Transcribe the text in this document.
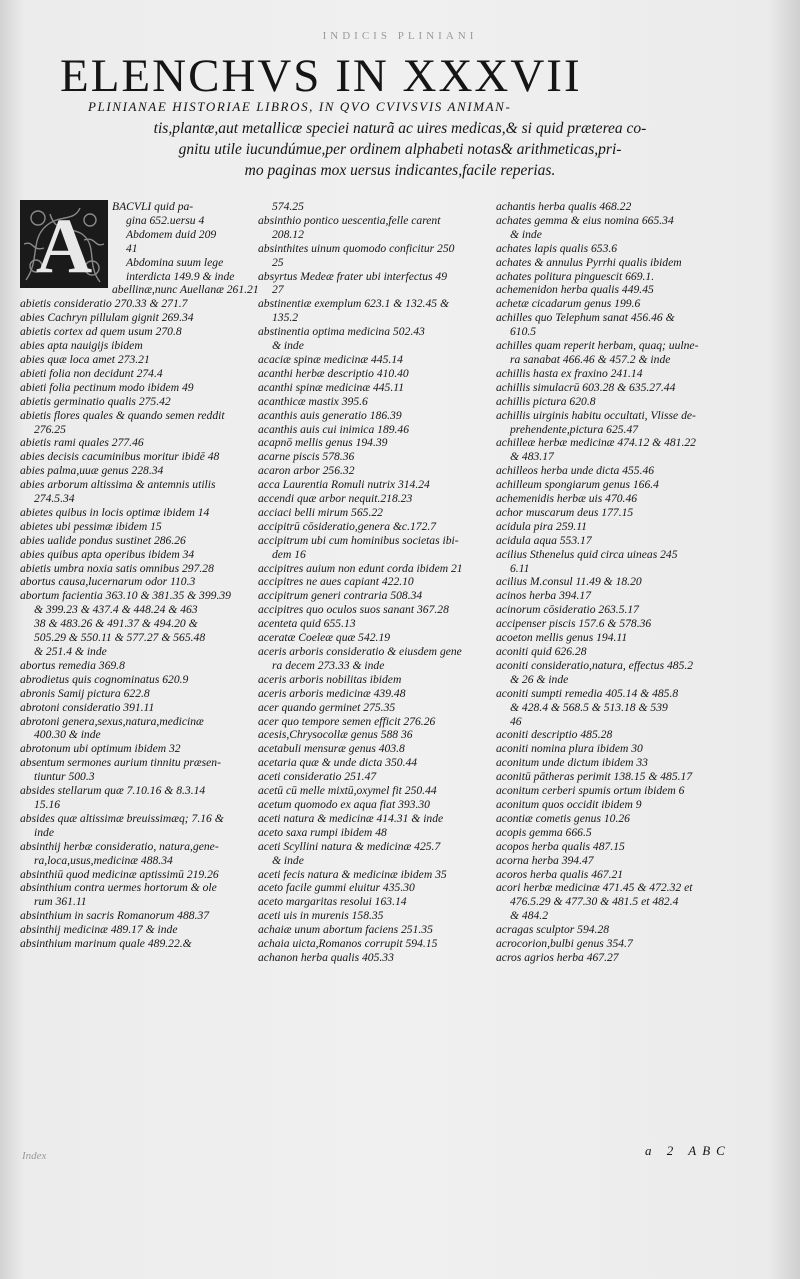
INDICIS PLINIANI
ELENCHVS IN XXXVII
PLINIANAE HISTORIAE LIBROS, IN QVO CVIVSVIS ANIMAN-
tis,plantæ,aut metallicæ speciei naturã ac uires medicas,& si quid præterea co-
gnitu utile iucundúmue,per ordinem alphabeti notas& arithmeticas,pri-
mo paginas mox uersus indicantes,facile reperias.
A	BACVLI quid pa-
gina 652.uersu 4
Abdomem duid 209
41
Abdomina suum lege
interdicta 149.9 & inde
abellinæ,nunc Auellanæ 261.21
abietis consideratio 270.33 & 271.7
abies Cachryn pillulam gignit 269.34
abietis cortex ad quem usum 270.8
abies apta nauigijs ibidem
abies quæ loca amet 273.21
abieti folia non decidunt 274.4
abieti folia pectinum modo ibidem 49
abietis germinatio qualis 275.42
abietis flores quales & quando semen reddit
276.25
abietis rami quales 277.46
abies decisis cacuminibus moritur ibidē 48
abies palma,uuæ genus 228.34
abies arborum altissima & antemnis utilis
274.5.34
abietes quibus in locis optimæ ibidem 14
abietes ubi pessimæ ibidem 15
abies ualide pondus sustinet 286.26
abies quibus apta operibus ibidem 34
abietis umbra noxia satis omnibus 297.28
abortus causa,lucernarum odor 110.3
abortum facientia 363.10 & 381.35 & 399.39
& 399.23 & 437.4 & 448.24 & 463
38 & 483.26 & 491.37 & 494.20 &
505.29 & 550.11 & 577.27 & 565.48
& 251.4 & inde
abortus remedia 369.8
abrodietus quis cognominatus 620.9
abronis Samij pictura 622.8
abrotoni consideratio 391.11
abrotoni genera,sexus,natura,medicinæ
400.30 & inde
abrotonum ubi optimum ibidem 32
absentum sermones aurium tinnitu præsen-
tiuntur 500.3
absides stellarum quæ 7.10.16 & 8.3.14
15.16
absides quæ altissimæ breuissimæq; 7.16 &
inde
absinthij herbæ consideratio, natura,gene-
ra,loca,usus,medicinæ 488.34
absinthiū quod medicinæ aptissimū 219.26
absinthium contra uermes hortorum & ole
rum 361.11
absinthium in sacris Romanorum 488.37
absinthij medicinæ 489.17 & inde
absinthium marinum quale 489.22.&
574.25
absinthio pontico uescentia,felle carent
208.12
absinthites uinum quomodo conficitur 250
25
absyrtus Medeæ frater ubi interfectus 49
27
abstinentiæ exemplum 623.1 & 132.45 &
135.2
abstinentia optima medicina 502.43
& inde
acaciæ spinæ medicinæ 445.14
acanthi herbæ descriptio 410.40
acanthi spinæ medicinæ 445.11
acanthicæ mastix 395.6
acanthis auis generatio 186.39
acanthis auis cui inimica 189.46
acapnō mellis genus 194.39
acarne piscis 578.36
acaron arbor 256.32
acca Laurentia Romuli nutrix 314.24
accendi quæ arbor nequit.218.23
acciaci belli mirum 565.22
accipitrū cōsideratio,genera &c.172.7
accipitrum ubi cum hominibus societas ibi-
dem 16
accipitres auium non edunt corda ibidem 21
accipitres ne aues capiant 422.10
accipitrum generi contraria 508.34
accipitres quo oculos suos sanant 367.28
acenteta quid 655.13
aceratæ Coeleæ quæ 542.19
aceris arboris consideratio & eiusdem gene
ra decem 273.33 & inde
aceris arboris nobilitas ibidem
aceris arboris medicinæ 439.48
acer quando germinet 275.35
acer quo tempore semen efficit 276.26
acesis,Chrysocollæ genus 588 36
acetabuli mensuræ genus 403.8
acetaria quæ & unde dicta 350.44
aceti consideratio 251.47
acetū cū melle mixtū,oxymel fit 250.44
acetum quomodo ex aqua fiat 393.30
aceti natura & medicinæ 414.31 & inde
aceto saxa rumpi ibidem 48
aceti Scyllini natura & medicinæ 425.7
& inde
aceti fecis natura & medicinæ ibidem 35
aceto facile gummi eluitur 435.30
aceto margaritas resolui 163.14
aceti uis in murenis 158.35
achaiæ unum abortum faciens 251.35
achaia uicta,Romanos corrupit 594.15
achanon herba qualis 405.33
achantis herba qualis 468.22
achates gemma & eius nomina 665.34
& inde
achates lapis qualis 653.6
achates & annulus Pyrrhi qualis ibidem
achates politura pinguescit 669.1.
achemenidon herba qualis 449.45
achetæ cicadarum genus 199.6
achilles quo Telephum sanat 456.46 &
610.5
achilles quam reperit herbam, quaq; uulne-
ra sanabat 466.46 & 457.2 & inde
achillis hasta ex fraxino 241.14
achillis simulacrū 603.28 & 635.27.44
achillis pictura 620.8
achillis uirginis habitu occultati, Vlisse de-
prehendente,pictura 625.47
achilleæ herbæ medicinæ 474.12 & 481.22
& 483.17
achilleos herba unde dicta 455.46
achilleum spongiarum genus 166.4
achemenidis herbæ uis 470.46
achor muscarum deus 177.15
acidula pira 259.11
acidula aqua 553.17
acilius Sthenelus quid circa uineas 245
6.11
acilius M.consul 11.49 & 18.20
acinos herba 394.17
acinorum cōsideratio 263.5.17
accipenser piscis 157.6 & 578.36
acoeton mellis genus 194.11
aconiti quid 626.28
aconiti consideratio,natura, effectus 485.2
& 26 & inde
aconiti sumpti remedia 405.14 & 485.8
& 428.4 & 568.5 & 513.18 & 539
46
aconiti descriptio 485.28
aconiti nomina plura ibidem 30
aconitum unde dictum ibidem 33
aconitū pātheras perimit 138.15 & 485.17
aconitum cerberi spumis ortum ibidem 6
aconitum quos occidit ibidem 9
acontiæ cometis genus 10.26
acopis gemma 666.5
acopos herba qualis 487.15
acorna herba 394.47
acoros herba qualis 467.21
acori herbæ medicinæ 471.45 & 472.32 et
476.5.29 & 477.30 & 481.5 et 482.4
& 484.2
acragas sculptor 594.28
acrocorion,bulbi genus 354.7
acros agrios herba 467.27
Index	a 2 ABC
